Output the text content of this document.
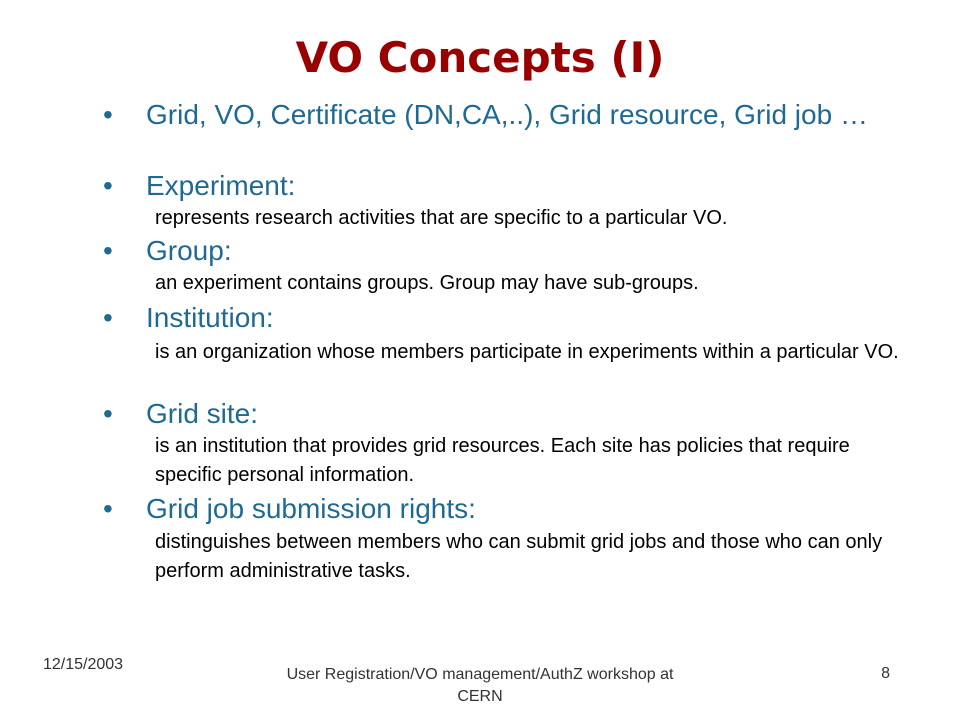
VO Concepts (I)
•	Grid, VO, Certificate (DN,CA,..), Grid resource, Grid job …

•	Experiment:

represents research activities that are specific to a particular VO.

•	Group:

an experiment contains groups. Group may have sub-groups.

•	Institution:

is an organization whose members participate in experiments within a particular VO.

•	Grid site:

is an institution that provides grid resources. Each site has policies that require specific personal information.

•	Grid job submission rights:

distinguishes between members who can submit grid jobs and those who can only perform administrative tasks.

12/15/2003
User Registration/VO management/AuthZ workshop at CERN
8
